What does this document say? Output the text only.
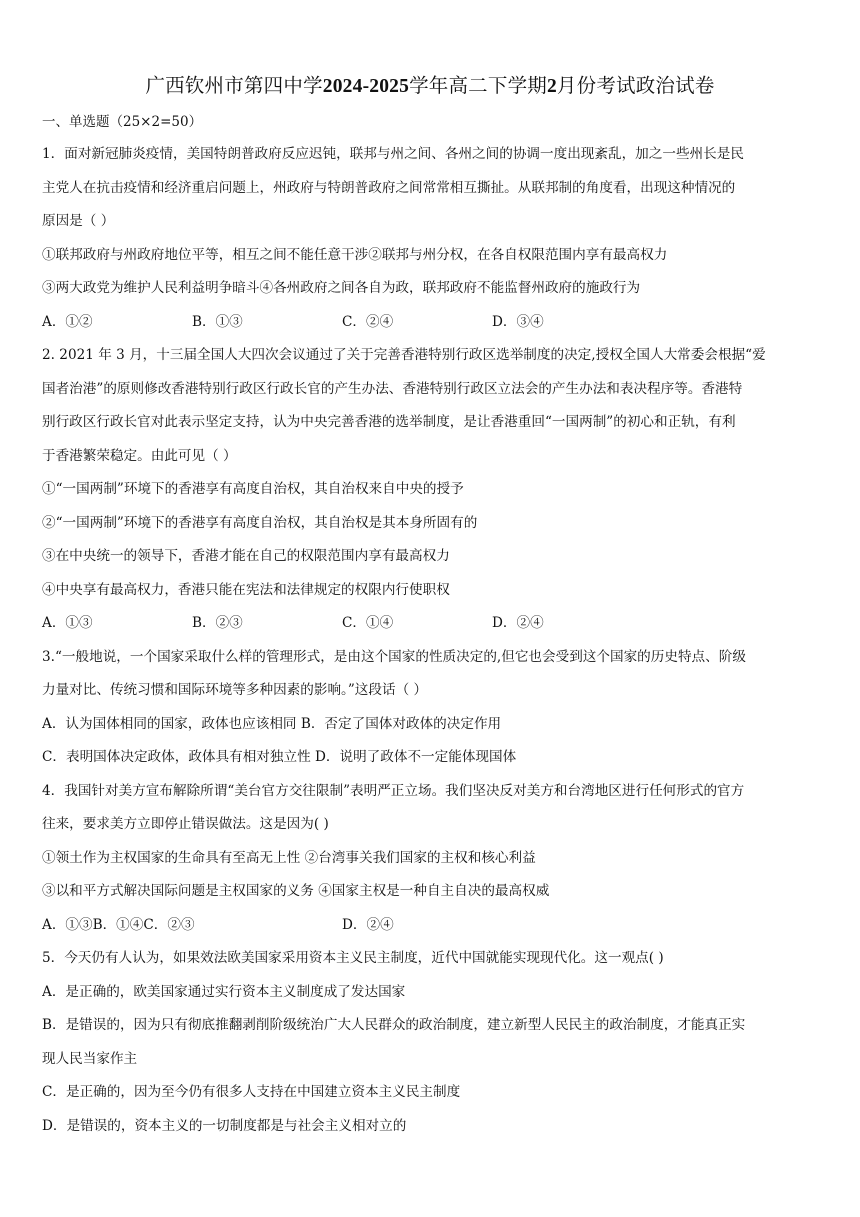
广西钦州市第四中学2024-2025学年高二下学期2月份考试政治试卷
一、单选题（25×2=50）
1．面对新冠肺炎疫情，美国特朗普政府反应迟钝，联邦与州之间、各州之间的协调一度出现紊乱，加之一些州长是民
主党人在抗击疫情和经济重启问题上，州政府与特朗普政府之间常常相互撕扯。从联邦制的角度看，出现这种情况的
原因是（ ）
①联邦政府与州政府地位平等，相互之间不能任意干涉②联邦与州分权，在各自权限范围内享有最高权力
③两大政党为维护人民利益明争暗斗④各州政府之间各自为政，联邦政府不能监督州政府的施政行为
A．①②	B．①③	C．②④	D．③④
2. 2021 年 3 月，十三届全国人大四次会议通过了关于完善香港特别行政区选举制度的决定,授权全国人大常委会根据“爱
国者治港”的原则修改香港特别行政区行政长官的产生办法、香港特别行政区立法会的产生办法和表决程序等。香港特
别行政区行政长官对此表示坚定支持，认为中央完善香港的选举制度，是让香港重回“一国两制”的初心和正轨，有利
于香港繁荣稳定。由此可见（ ）
①“一国两制”环境下的香港享有高度自治权，其自治权来自中央的授予
②“一国两制”环境下的香港享有高度自治权，其自治权是其本身所固有的
③在中央统一的领导下，香港才能在自己的权限范围内享有最高权力
④中央享有最高权力，香港只能在宪法和法律规定的权限内行使职权
A．①③	B．②③	C．①④	D．②④
3.“一般地说，一个国家采取什么样的管理形式，是由这个国家的性质决定的,但它也会受到这个国家的历史特点、阶级
力量对比、传统习惯和国际环境等多种因素的影响。”这段话（ ）
A．认为国体相同的国家，政体也应该相同 B．否定了国体对政体的决定作用
C．表明国体决定政体，政体具有相对独立性 D．说明了政体不一定能体现国体
4．我国针对美方宣布解除所谓“美台官方交往限制”表明严正立场。我们坚决反对美方和台湾地区进行任何形式的官方
往来，要求美方立即停止错误做法。这是因为( )
①领土作为主权国家的生命具有至高无上性 ②台湾事关我们国家的主权和核心利益
③以和平方式解决国际问题是主权国家的义务 ④国家主权是一种自主自决的最高权威
A．①③B．①④C．②③	D．②④
5．今天仍有人认为，如果效法欧美国家采用资本主义民主制度，近代中国就能实现现代化。这一观点( )
A．是正确的，欧美国家通过实行资本主义制度成了发达国家
B．是错误的，因为只有彻底推翻剥削阶级统治广大人民群众的政治制度，建立新型人民民主的政治制度，才能真正实
现人民当家作主
C．是正确的，因为至今仍有很多人支持在中国建立资本主义民主制度
D．是错误的，资本主义的一切制度都是与社会主义相对立的
